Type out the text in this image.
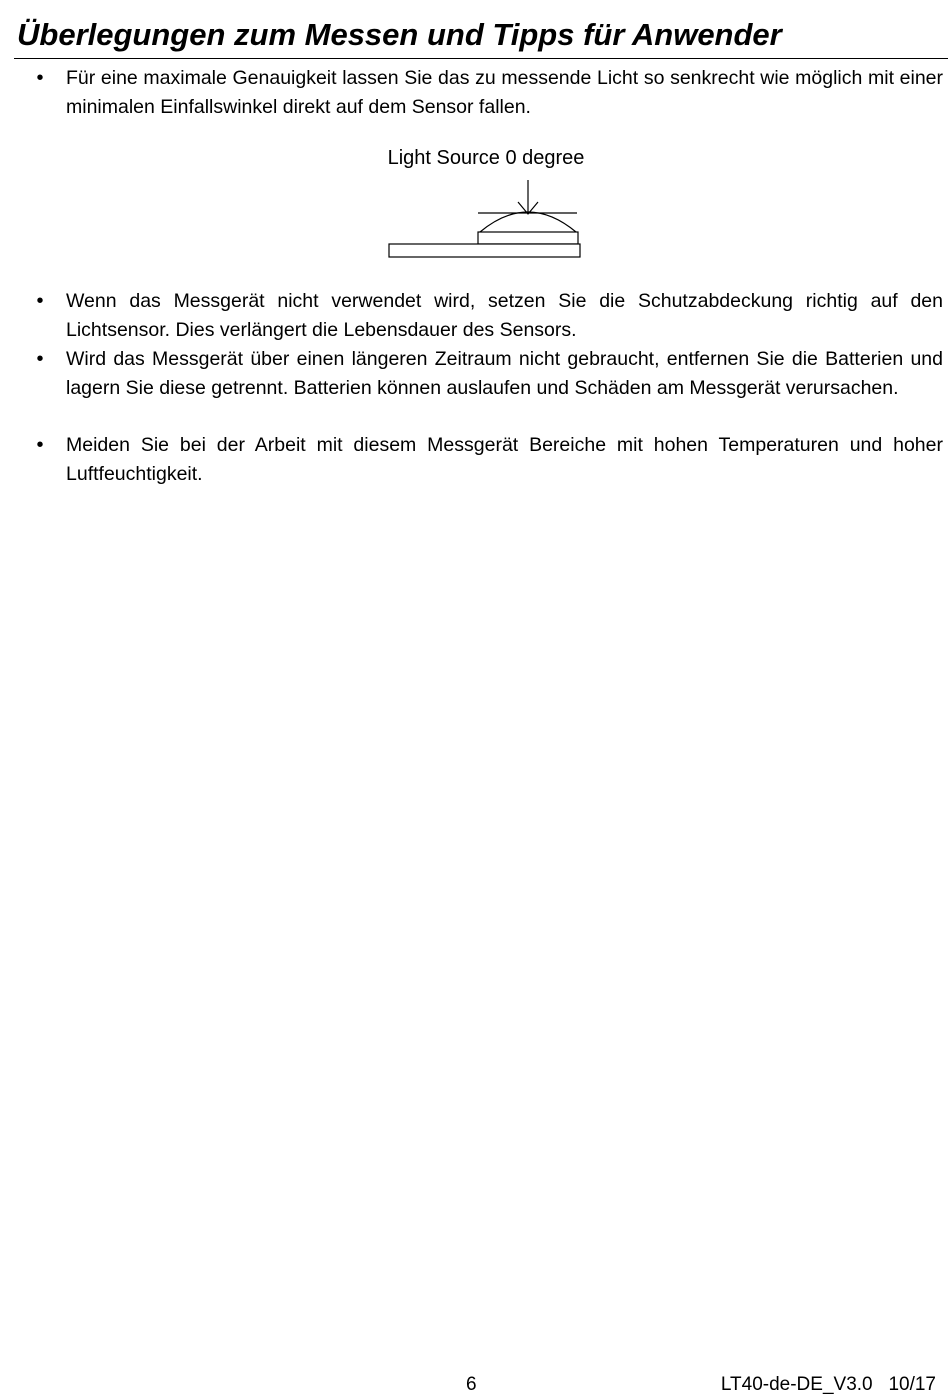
Überlegungen zum Messen und Tipps für Anwender
•	Für eine maximale Genauigkeit lassen Sie das zu messende Licht so senkrecht wie möglich mit einer minimalen Einfallswinkel direkt auf dem Sensor fallen.

Light Source 0 degree
•	Wenn das Messgerät nicht verwendet wird, setzen Sie die Schutzabdeckung richtig auf den Lichtsensor. Dies verlängert die Lebensdauer des Sensors.

•	Wird das Messgerät über einen längeren Zeitraum nicht gebraucht, entfernen Sie die Batterien und lagern Sie diese getrennt. Batterien können auslaufen und Schäden am Messgerät verursachen.

•	Meiden Sie bei der Arbeit mit diesem Messgerät Bereiche mit hohen Temperaturen und hoher Luftfeuchtigkeit.

6	LT40-de-DE_V3.0   10/17
